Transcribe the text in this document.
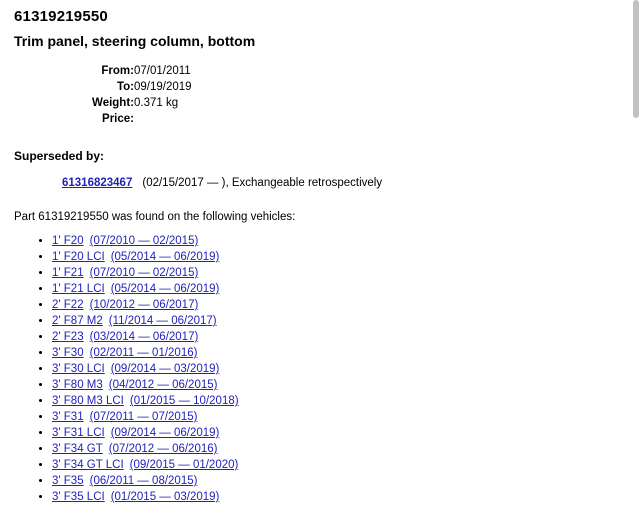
61319219550
Trim panel, steering column, bottom
From:	07/01/2011
To:	09/19/2019
Weight:	0.371 kg
Price:	
Superseded by:
61316823467 (02/15/2017 — ), Exchangeable retrospectively
Part 61319219550 was found on the following vehicles:
• 1' F20 (07/2010 — 02/2015)
• 1' F20 LCI (05/2014 — 06/2019)
• 1' F21 (07/2010 — 02/2015)
• 1' F21 LCI (05/2014 — 06/2019)
• 2' F22 (10/2012 — 06/2017)
• 2' F87 M2 (11/2014 — 06/2017)
• 2' F23 (03/2014 — 06/2017)
• 3' F30 (02/2011 — 01/2016)
• 3' F30 LCI (09/2014 — 03/2019)
• 3' F80 M3 (04/2012 — 06/2015)
• 3' F80 M3 LCI (01/2015 — 10/2018)
• 3' F31 (07/2011 — 07/2015)
• 3' F31 LCI (09/2014 — 06/2019)
• 3' F34 GT (07/2012 — 06/2016)
• 3' F34 GT LCI (09/2015 — 01/2020)
• 3' F35 (06/2011 — 08/2015)
• 3' F35 LCI (01/2015 — 03/2019)
